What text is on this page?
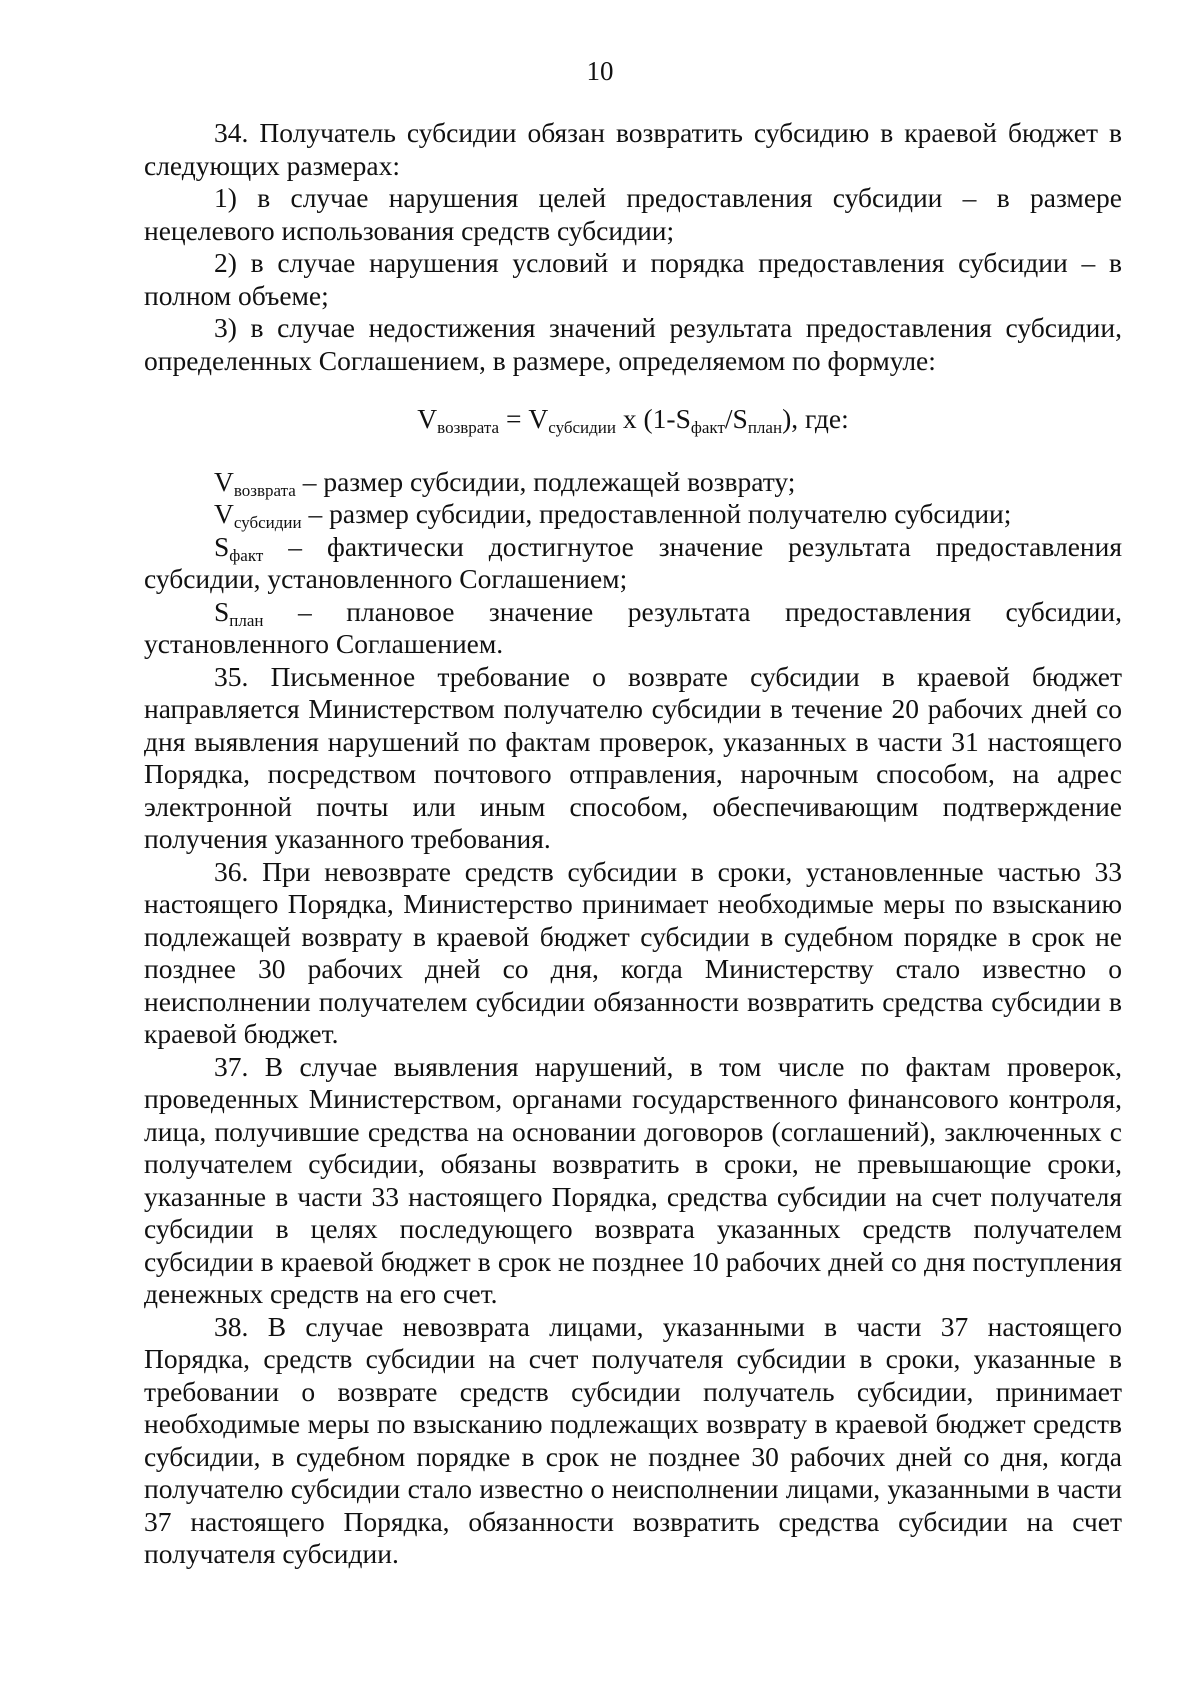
10

34. Получатель субсидии обязан возвратить субсидию в краевой бюджет в следующих размерах:

1) в случае нарушения целей предоставления субсидии – в размере нецелевого использования средств субсидии;

2) в случае нарушения условий и порядка предоставления субсидии – в полном объеме;

3) в случае недостижения значений результата предоставления субсидии, определенных Соглашением, в размере, определяемом по формуле:

$V_{возврата} = V_{субсидии}$ x $(1-S_{факт}/S_{план})$, где:

$V_{возврата}$ – размер субсидии, подлежащей возврату;

$V_{субсидии}$ – размер субсидии, предоставленной получателю субсидии;

$S_{факт}$ – фактически достигнутое значение результата предоставления субсидии, установленного Соглашением;

$S_{план}$ – плановое значение результата предоставления субсидии, установленного Соглашением.

35. Письменное требование о возврате субсидии в краевой бюджет направляется Министерством получателю субсидии в течение 20 рабочих дней со дня выявления нарушений по фактам проверок, указанных в части 31 настоящего Порядка, посредством почтового отправления, нарочным способом, на адрес электронной почты или иным способом, обеспечивающим подтверждение получения указанного требования.

36. При невозврате средств субсидии в сроки, установленные частью 33 настоящего Порядка, Министерство принимает необходимые меры по взысканию подлежащей возврату в краевой бюджет субсидии в судебном порядке в срок не позднее 30 рабочих дней со дня, когда Министерству стало известно о неисполнении получателем субсидии обязанности возвратить средства субсидии в краевой бюджет.

37. В случае выявления нарушений, в том числе по фактам проверок, проведенных Министерством, органами государственного финансового контроля, лица, получившие средства на основании договоров (соглашений), заключенных с получателем субсидии, обязаны возвратить в сроки, не превышающие сроки, указанные в части 33 настоящего Порядка, средства субсидии на счет получателя субсидии в целях последующего возврата указанных средств получателем субсидии в краевой бюджет в срок не позднее 10 рабочих дней со дня поступления денежных средств на его счет.

38. В случае невозврата лицами, указанными в части 37 настоящего Порядка, средств субсидии на счет получателя субсидии в сроки, указанные в требовании о возврате средств субсидии получатель субсидии, принимает необходимые меры по взысканию подлежащих возврату в краевой бюджет средств субсидии, в судебном порядке в срок не позднее 30 рабочих дней со дня, когда получателю субсидии стало известно о неисполнении лицами, указанными в части 37 настоящего Порядка, обязанности возвратить средства субсидии на счет получателя субсидии.
